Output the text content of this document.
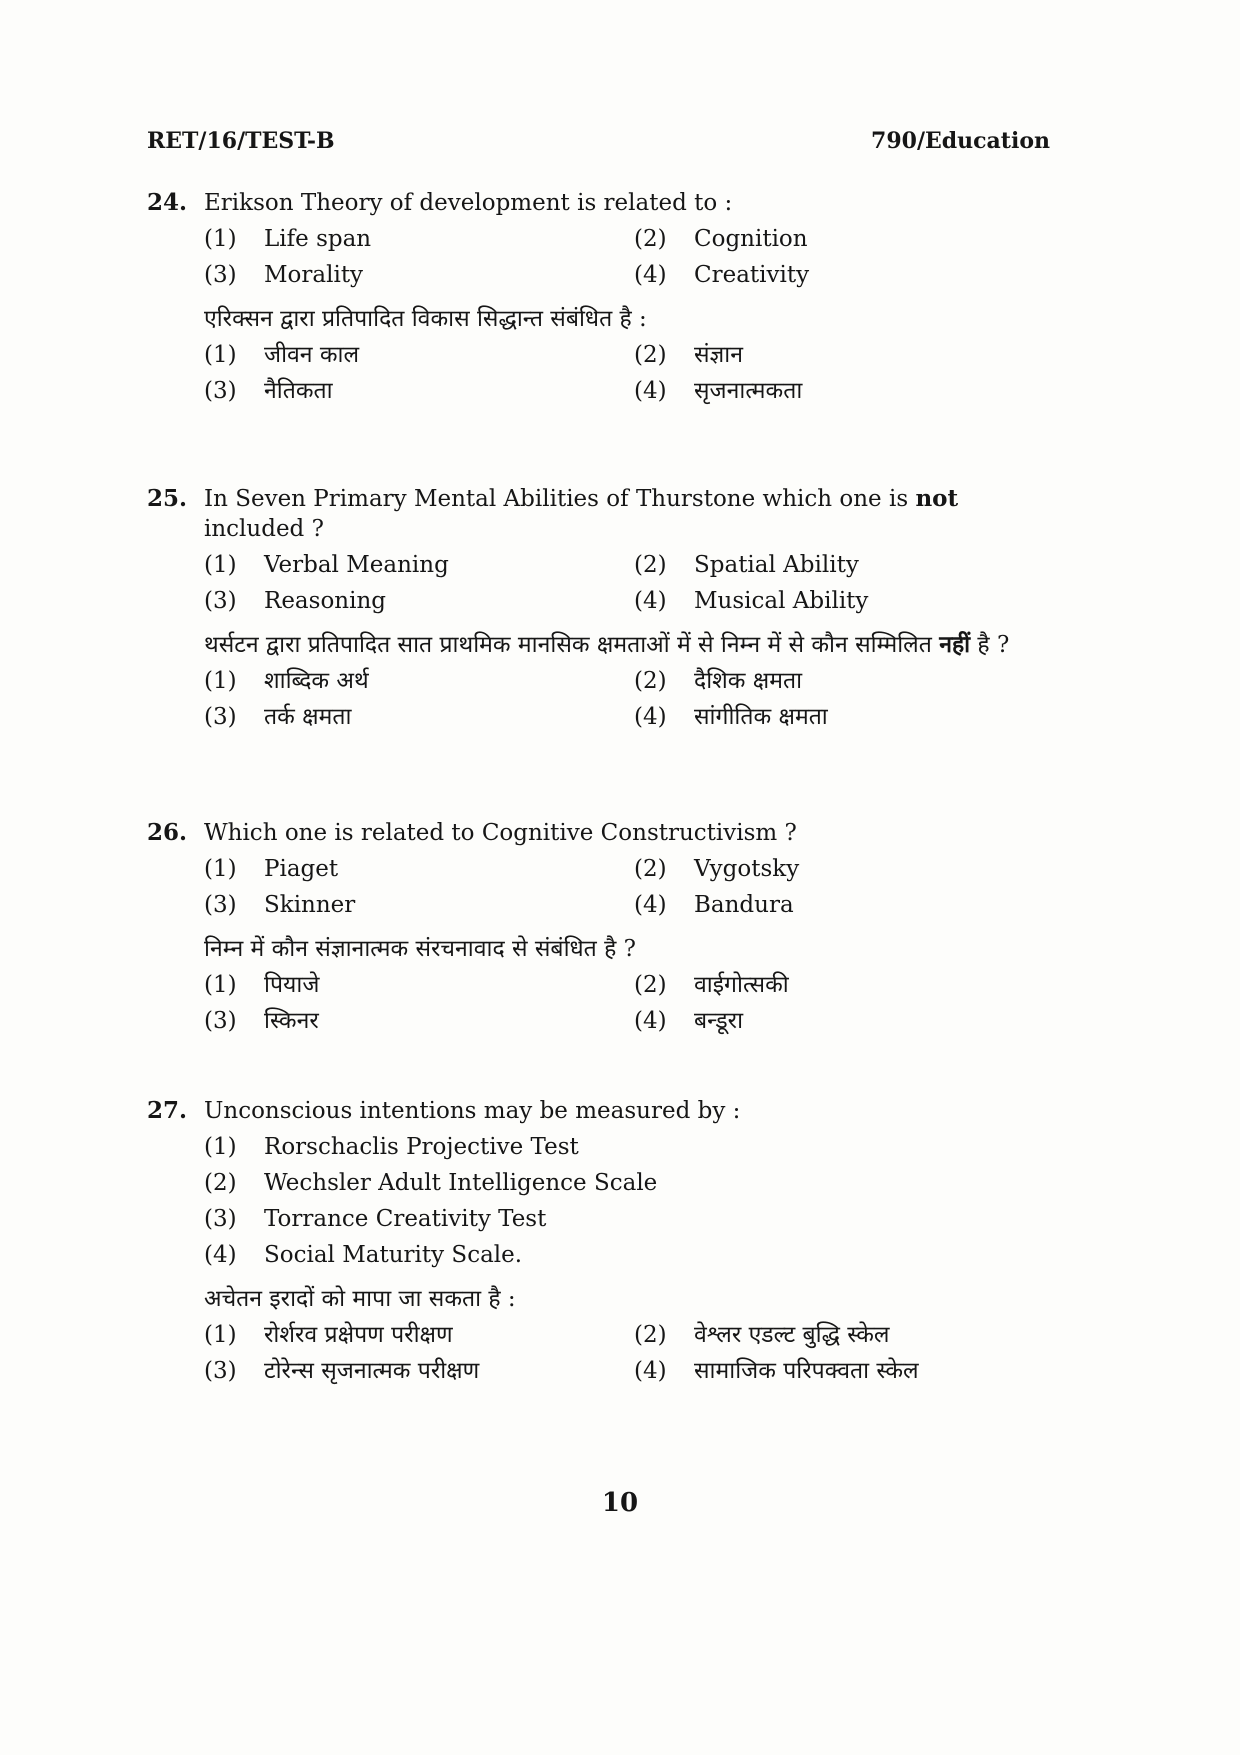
RET/16/TEST-B	790/Education
24. Erikson Theory of development is related to :
(1)	Life span	(2)	Cognition
(3)	Morality	(4)	Creativity
एरिक्सन द्वारा प्रतिपादित विकास सिद्धान्त संबंधित है :
(1)	जीवन काल	(2)	संज्ञान
(3)	नैतिकता	(4)	सृजनात्मकता
25. In Seven Primary Mental Abilities of Thurstone which one is not included ?
(1)	Verbal Meaning	(2)	Spatial Ability
(3)	Reasoning	(4)	Musical Ability
थर्सटन द्वारा प्रतिपादित सात प्राथमिक मानसिक क्षमताओं में से निम्न में से कौन सम्मिलित नहीं है ?
(1)	शाब्दिक अर्थ	(2)	दैशिक क्षमता
(3)	तर्क क्षमता	(4)	सांगीतिक क्षमता
26. Which one is related to Cognitive Constructivism ?
(1)	Piaget	(2)	Vygotsky
(3)	Skinner	(4)	Bandura
निम्न में कौन संज्ञानात्मक संरचनावाद से संबंधित है ?
(1)	पियाजे	(2)	वाईगोत्सकी
(3)	स्किनर	(4)	बन्डूरा
27. Unconscious intentions may be measured by :
(1)	Rorschaclis Projective Test
(2)	Wechsler Adult Intelligence Scale
(3)	Torrance Creativity Test
(4)	Social Maturity Scale.
अचेतन इरादों को मापा जा सकता है :
(1)	रोर्शरव प्रक्षेपण परीक्षण	(2)	वेश्लर एडल्ट बुद्धि स्केल
(3)	टोरेन्स सृजनात्मक परीक्षण	(4)	सामाजिक परिपक्वता स्केल
10
